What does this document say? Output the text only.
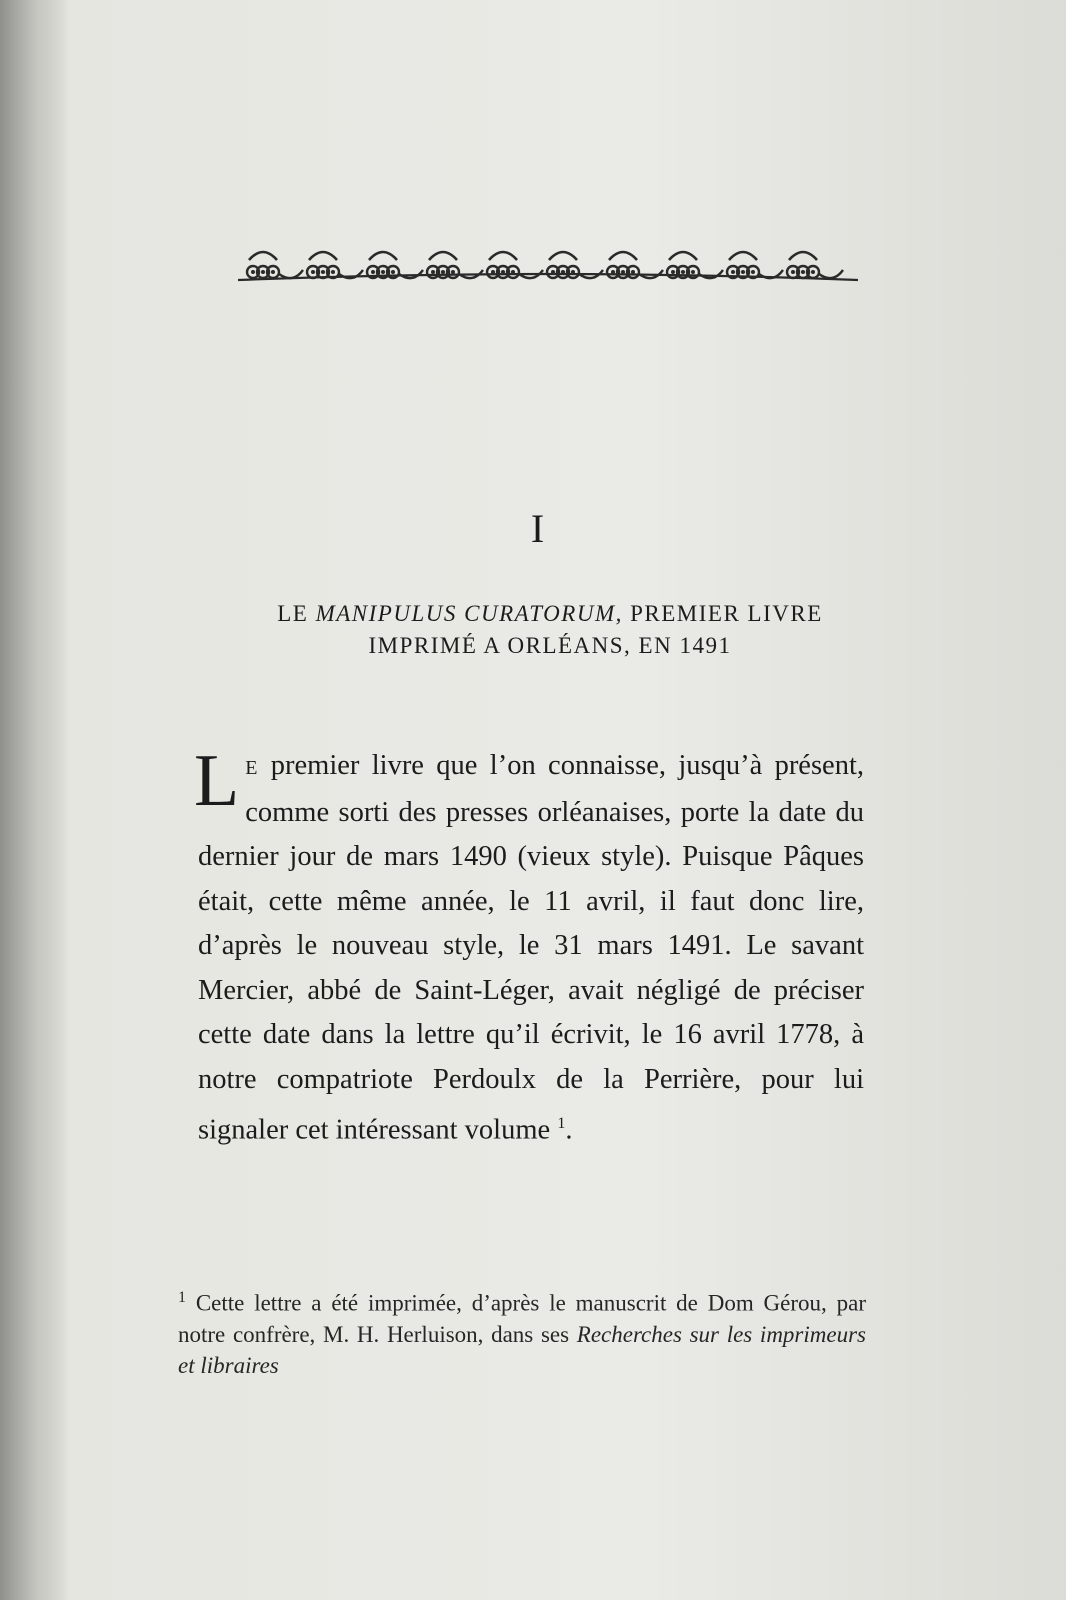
I
LE MANIPULUS CURATORUM, PREMIER LIVRE
IMPRIMÉ A ORLÉANS, EN 1491
L E premier livre que l’on connaisse, jusqu’à présent, comme sorti des presses orléanaises, porte la date du dernier jour de mars 1490 (vieux style). Puisque Pâques était, cette même année, le 11 avril, il faut donc lire, d’après le nouveau style, le 31 mars 1491. Le savant Mercier, abbé de Saint-Léger, avait négligé de préciser cette date dans la lettre qu’il écrivit, le 16 avril 1778, à notre compatriote Perdoulx de la Perrière, pour lui signaler cet intéressant volume $^1$.
$^1$ Cette lettre a été imprimée, d’après le manuscrit de Dom Gérou, par notre confrère, M. H. Herluison, dans ses Recherches sur les imprimeurs et libraires
